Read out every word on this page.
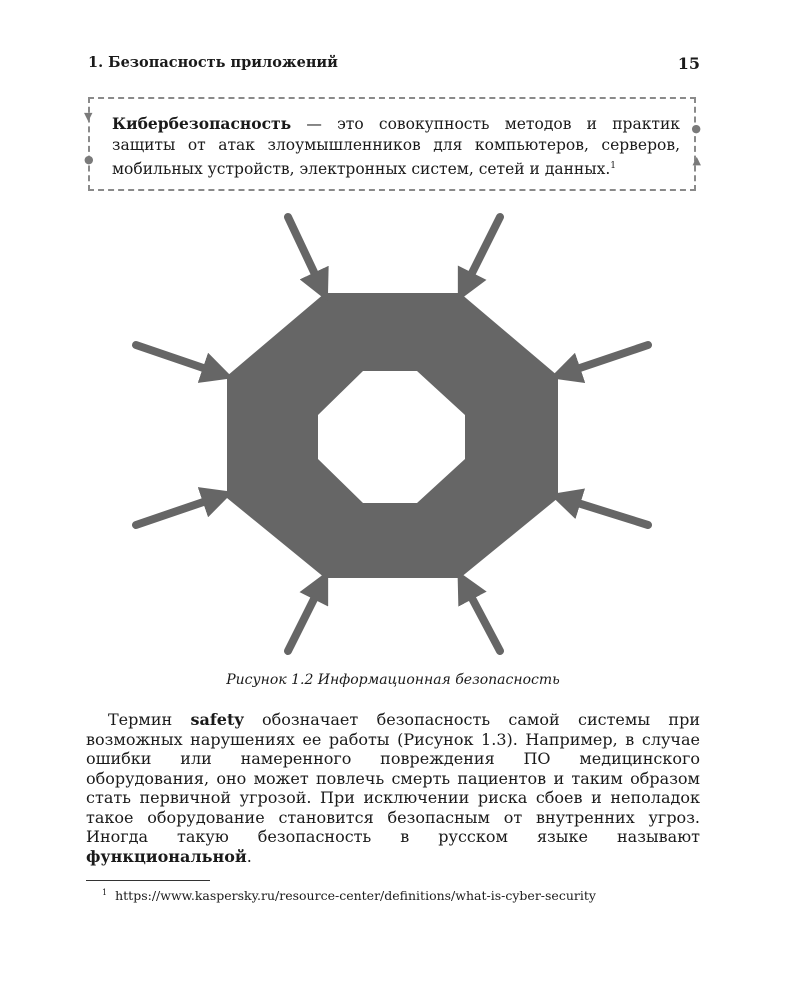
1. Безопасность приложений	15
▼
●
●
▲
Кибербезопасность — это совокупность методов и практик защиты от атак злоумышленников для компьютеров, серверов, мобильных устройств, электронных систем, сетей и данных.$^1$
Рисунок 1.2 Информационная безопасность
Термин safety обозначает безопасность самой системы при возможных нарушениях ее работы (Рисунок 1.3). Например, в случае ошибки или намеренного повреждения ПО медицинского оборудования, оно может повлечь смерть пациентов и таким образом стать первичной угрозой. При исключении риска сбоев и неполадок такое оборудование становится безопасным от внутренних угроз. Иногда такую безопасность в русском языке называют функциональной.
$^1$ https://www.kaspersky.ru/resource-center/definitions/what-is-cyber-security
